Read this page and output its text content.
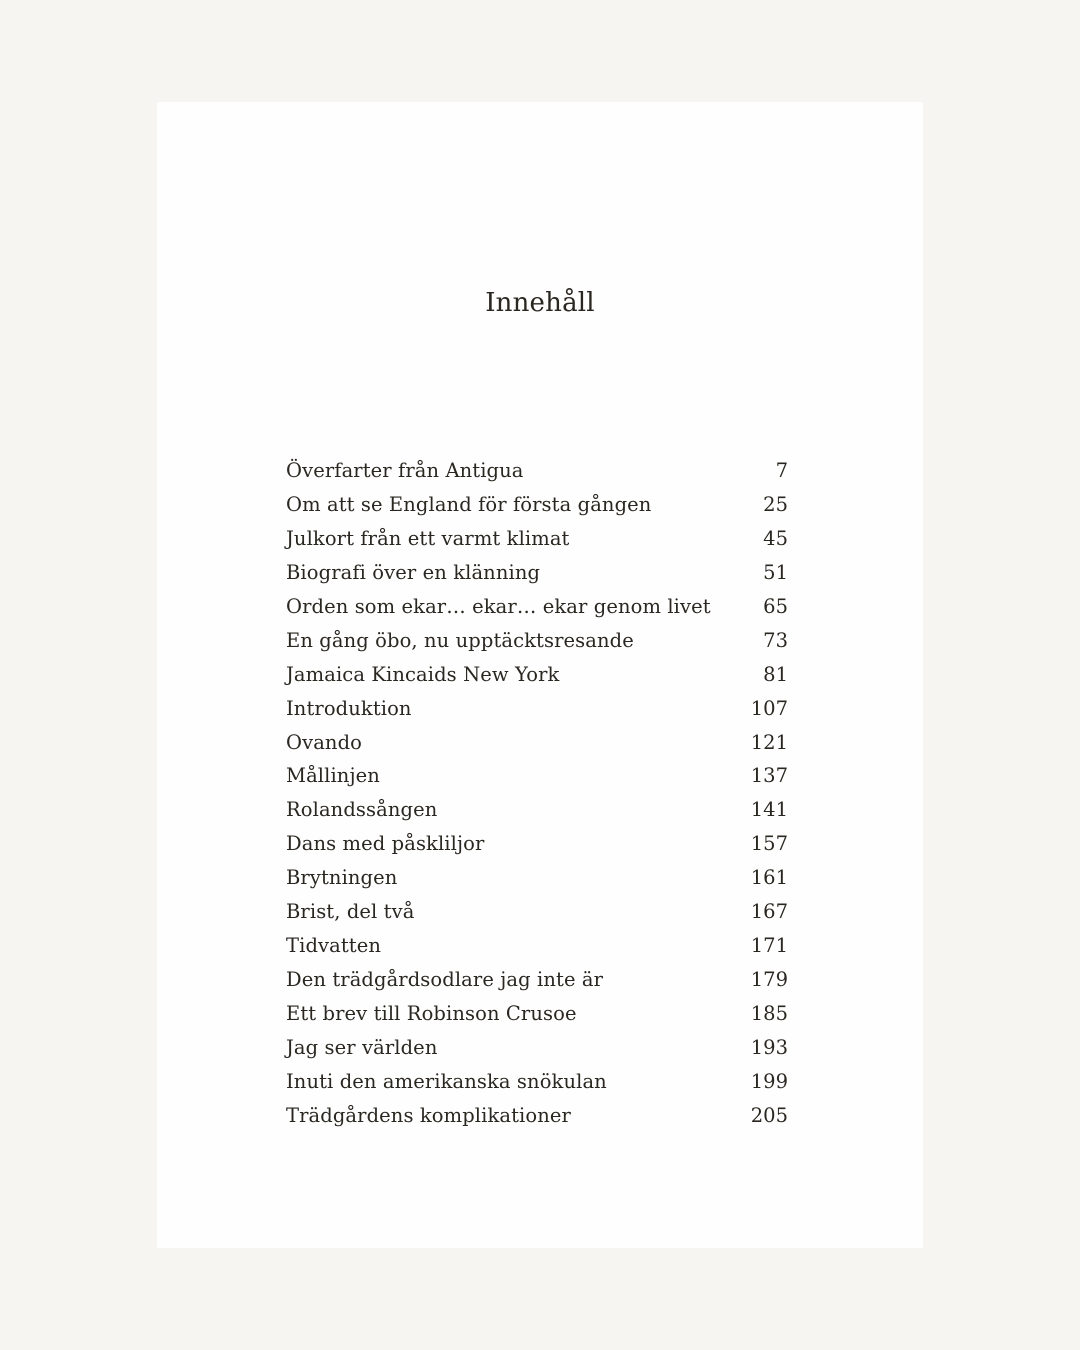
Innehåll
Överfarter från Antigua	7
Om att se England för första gången	25
Julkort från ett varmt klimat	45
Biografi över en klänning	51
Orden som ekar… ekar… ekar genom livet	65
En gång öbo, nu upptäcktsresande	73
Jamaica Kincaids New York	81
Introduktion	107
Ovando	121
Mållinjen	137
Rolandssången	141
Dans med påskliljor	157
Brytningen	161
Brist, del två	167
Tidvatten	171
Den trädgårdsodlare jag inte är	179
Ett brev till Robinson Crusoe	185
Jag ser världen	193
Inuti den amerikanska snökulan	199
Trädgårdens komplikationer	205
